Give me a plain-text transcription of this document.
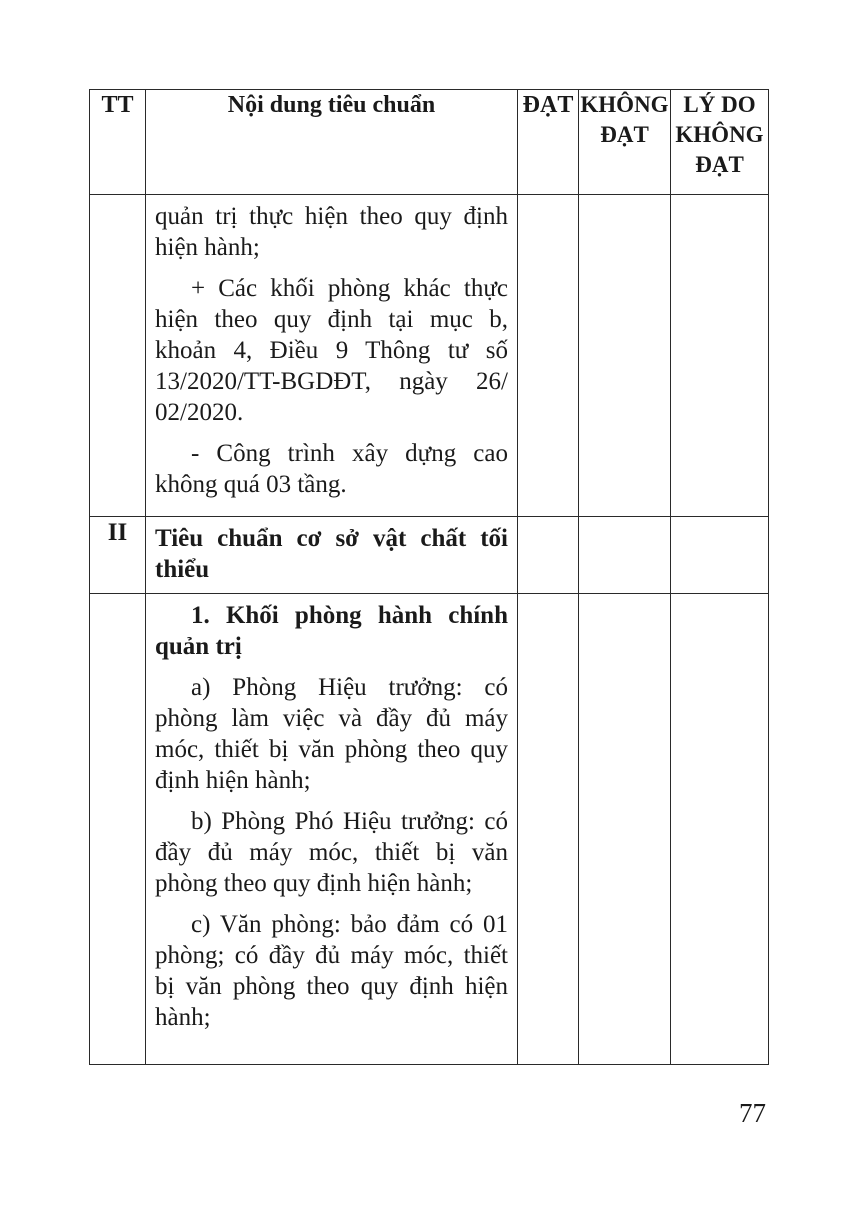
TT	Nội dung tiêu chuẩn	ĐẠT	KHÔNG ĐẠT	LÝ DO KHÔNG ĐẠT

	quản trị thực hiện theo quy định hiện hành;

+ Các khối phòng khác thực hiện theo quy định tại mục b, khoản 4, Điều 9 Thông tư số 13/2020/TT-BGDĐT, ngày 26/ 02/2020.

- Công trình xây dựng cao không quá 03 tầng.			

II	Tiêu chuẩn cơ sở vật chất tối thiểu			

	1. Khối phòng hành chính quản trị

a) Phòng Hiệu trưởng: có phòng làm việc và đầy đủ máy móc, thiết bị văn phòng theo quy định hiện hành;

b) Phòng Phó Hiệu trưởng: có đầy đủ máy móc, thiết bị văn phòng theo quy định hiện hành;

c) Văn phòng: bảo đảm có 01 phòng; có đầy đủ máy móc, thiết bị văn phòng theo quy định hiện hành;			

77
